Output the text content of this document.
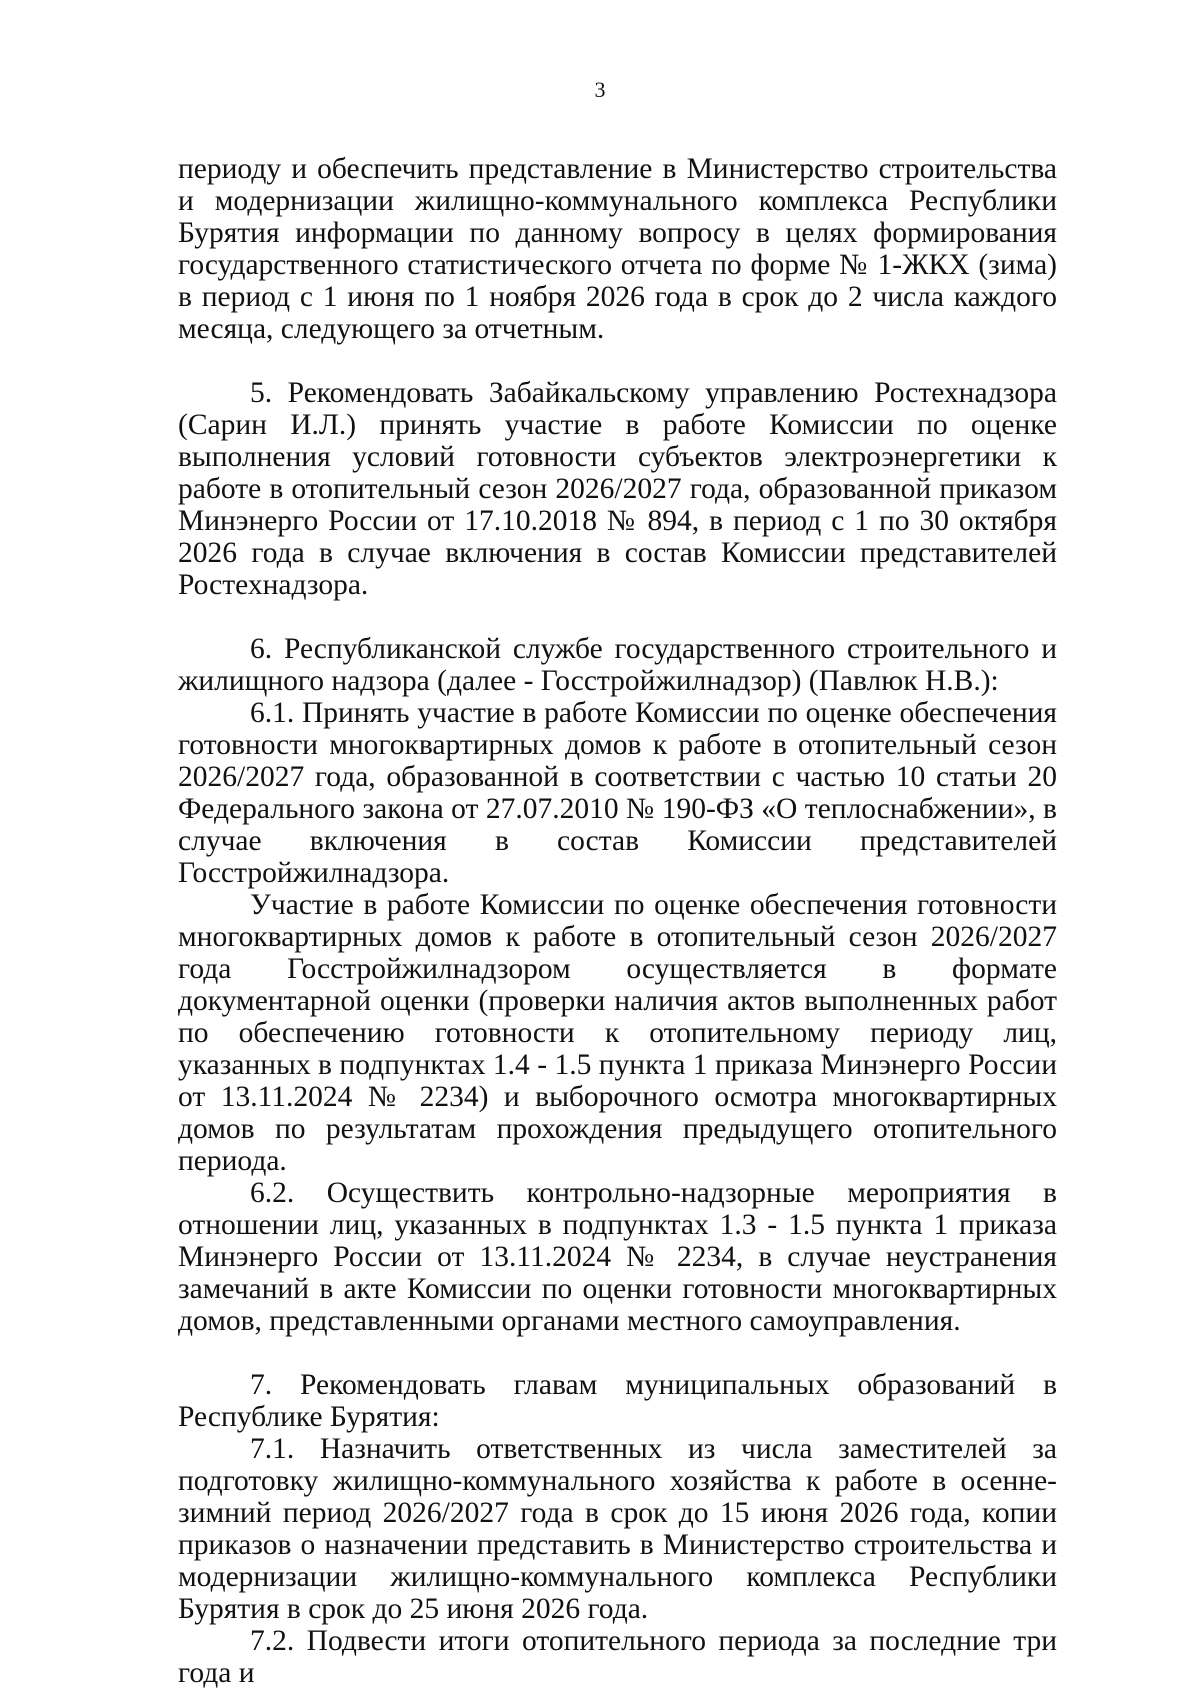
3

периоду и обеспечить представление в Министерство строительства и модернизации жилищно-коммунального комплекса Республики Бурятия информации по данному вопросу в целях формирования государственного статистического отчета по форме № 1-ЖКХ (зима) в период с 1 июня по 1 ноября 2026 года в срок до 2 числа каждого месяца, следующего за отчетным.

5. Рекомендовать Забайкальскому управлению Ростехнадзора (Сарин И.Л.) принять участие в работе Комиссии по оценке выполнения условий готовности субъектов электроэнергетики к работе в отопительный сезон 2026/2027 года, образованной приказом Минэнерго России от 17.10.2018 № 894, в период с 1 по 30 октября 2026 года в случае включения в состав Комиссии представителей Ростехнадзора.

6. Республиканской службе государственного строительного и жилищного надзора (далее - Госстройжилнадзор) (Павлюк Н.В.):

6.1. Принять участие в работе Комиссии по оценке обеспечения готовности многоквартирных домов к работе в отопительный сезон 2026/2027 года, образованной в соответствии с частью 10 статьи 20 Федерального закона от 27.07.2010 № 190-ФЗ «О теплоснабжении», в случае включения в состав Комиссии представителей Госстройжилнадзора.

Участие в работе Комиссии по оценке обеспечения готовности многоквартирных домов к работе в отопительный сезон 2026/2027 года Госстройжилнадзором осуществляется в формате документарной оценки (проверки наличия актов выполненных работ по обеспечению готовности к отопительному периоду лиц, указанных в подпунктах 1.4 - 1.5 пункта 1 приказа Минэнерго России от 13.11.2024 № 2234) и выборочного осмотра многоквартирных домов по результатам прохождения предыдущего отопительного периода.

6.2. Осуществить контрольно-надзорные мероприятия в отношении лиц, указанных в подпунктах 1.3 - 1.5 пункта 1 приказа Минэнерго России от 13.11.2024 № 2234, в случае неустранения замечаний в акте Комиссии по оценки готовности многоквартирных домов, представленными органами местного самоуправления.

7. Рекомендовать главам муниципальных образований в Республике Бурятия:

7.1. Назначить ответственных из числа заместителей за подготовку жилищно-коммунального хозяйства к работе в осенне-зимний период 2026/2027 года в срок до 15 июня 2026 года, копии приказов о назначении представить в Министерство строительства и модернизации жилищно-коммунального комплекса Республики Бурятия в срок до 25 июня 2026 года.

7.2. Подвести итоги отопительного периода за последние три года и
